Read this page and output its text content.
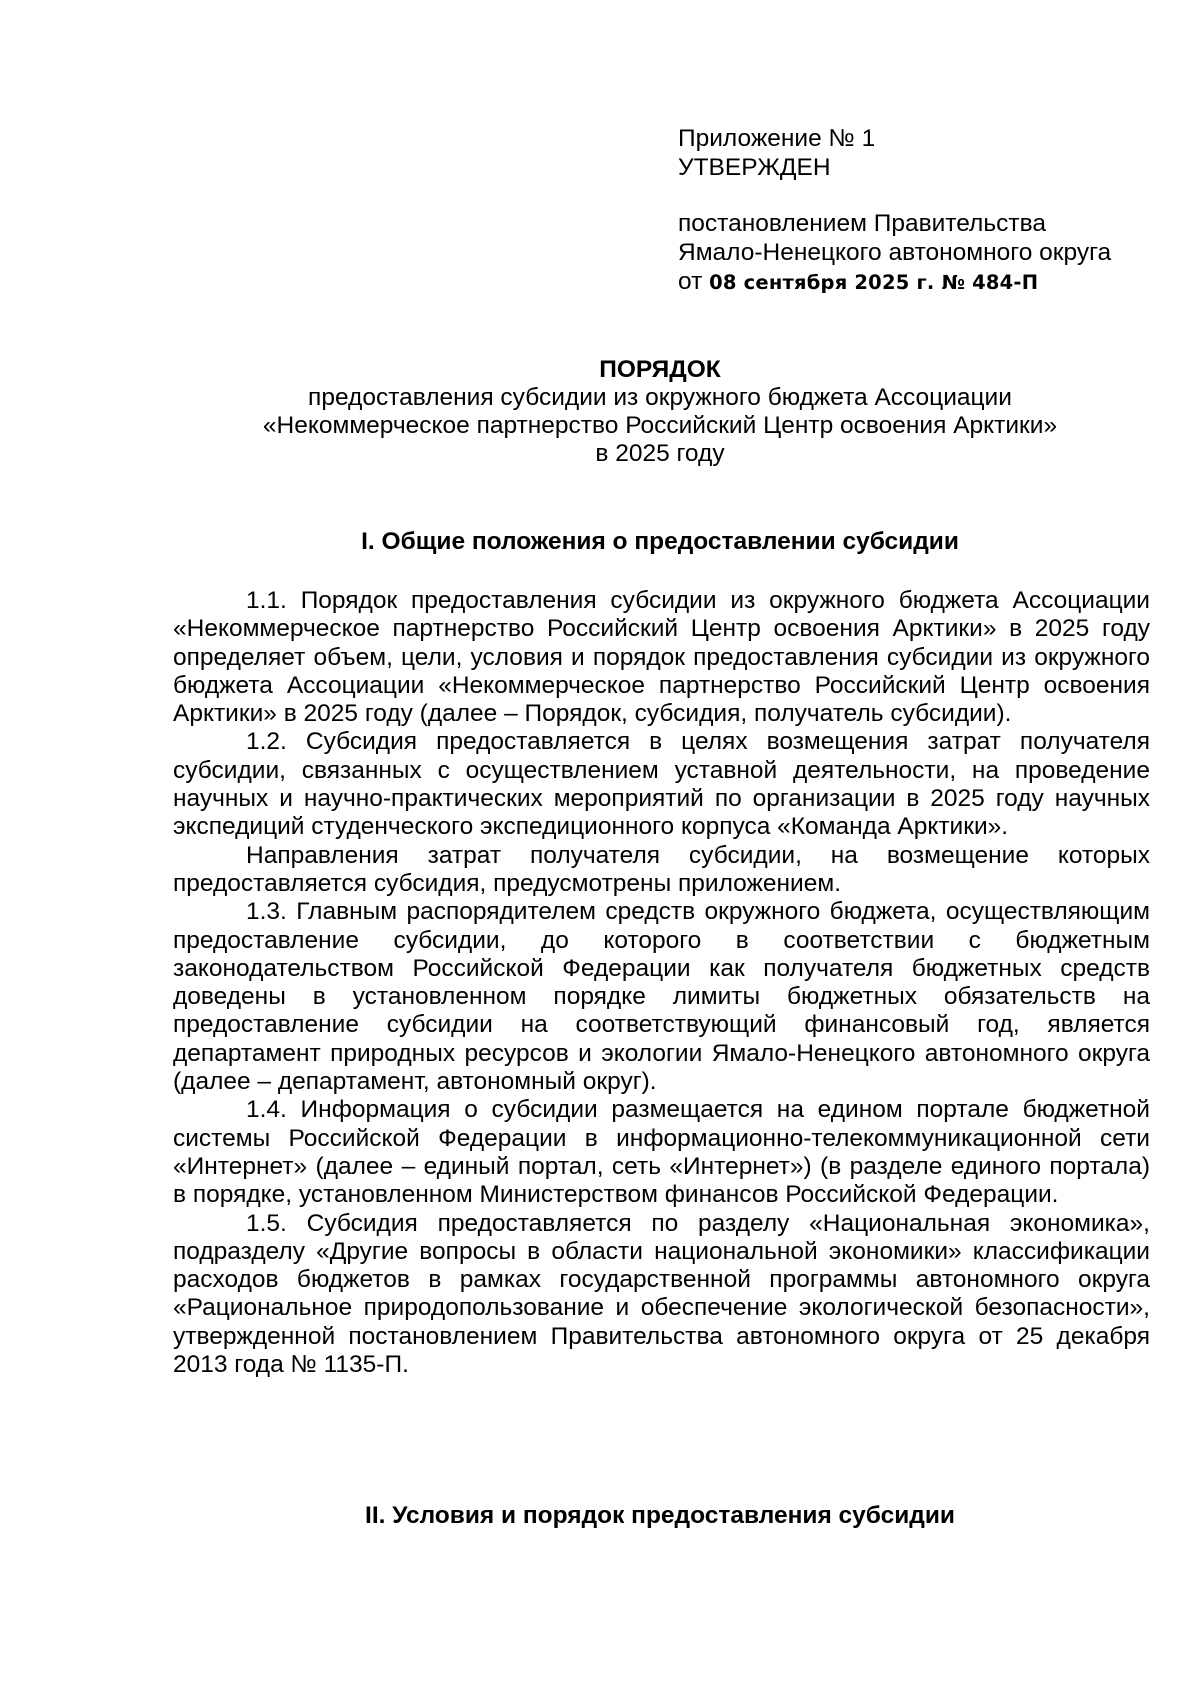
Приложение № 1
УТВЕРЖДЕН
постановлением Правительства
Ямало-Ненецкого автономного округа
от 08 сентября 2025 г. № 484-П
ПОРЯДОК
предоставления субсидии из окружного бюджета Ассоциации
«Некоммерческое партнерство Российский Центр освоения Арктики»
в 2025 году
I. Общие положения о предоставлении субсидии

1.1. Порядок предоставления субсидии из окружного бюджета Ассоциации «Некоммерческое партнерство Российский Центр освоения Арктики» в 2025 году определяет объем, цели, условия и порядок предоставления субсидии из окружного бюджета Ассоциации «Некоммерческое партнерство Российский Центр освоения Арктики» в 2025 году (далее – Порядок, субсидия, получатель субсидии).

1.2. Субсидия предоставляется в целях возмещения затрат получателя субсидии, связанных с осуществлением уставной деятельности, на проведение научных и научно-практических мероприятий по организации в 2025 году научных экспедиций студенческого экспедиционного корпуса «Команда Арктики».

Направления затрат получателя субсидии, на возмещение которых предоставляется субсидия, предусмотрены приложением.

1.3. Главным распорядителем средств окружного бюджета, осуществляющим предоставление субсидии, до которого в соответствии с бюджетным законодательством Российской Федерации как получателя бюджетных средств доведены в установленном порядке лимиты бюджетных обязательств на предоставление субсидии на соответствующий финансовый год, является департамент природных ресурсов и экологии Ямало-Ненецкого автономного округа (далее – департамент, автономный округ).

1.4. Информация о субсидии размещается на едином портале бюджетной системы Российской Федерации в информационно-телекоммуникационной сети «Интернет» (далее – единый портал, сеть «Интернет») (в разделе единого портала) в порядке, установленном Министерством финансов Российской Федерации.

1.5. Субсидия предоставляется по разделу «Национальная экономика», подразделу «Другие вопросы в области национальной экономики» классификации расходов бюджетов в рамках государственной программы автономного округа «Рациональное природопользование и обеспечение экологической безопасности», утвержденной постановлением Правительства автономного округа от 25 декабря 2013 года № 1135-П.

II. Условия и порядок предоставления субсидии
